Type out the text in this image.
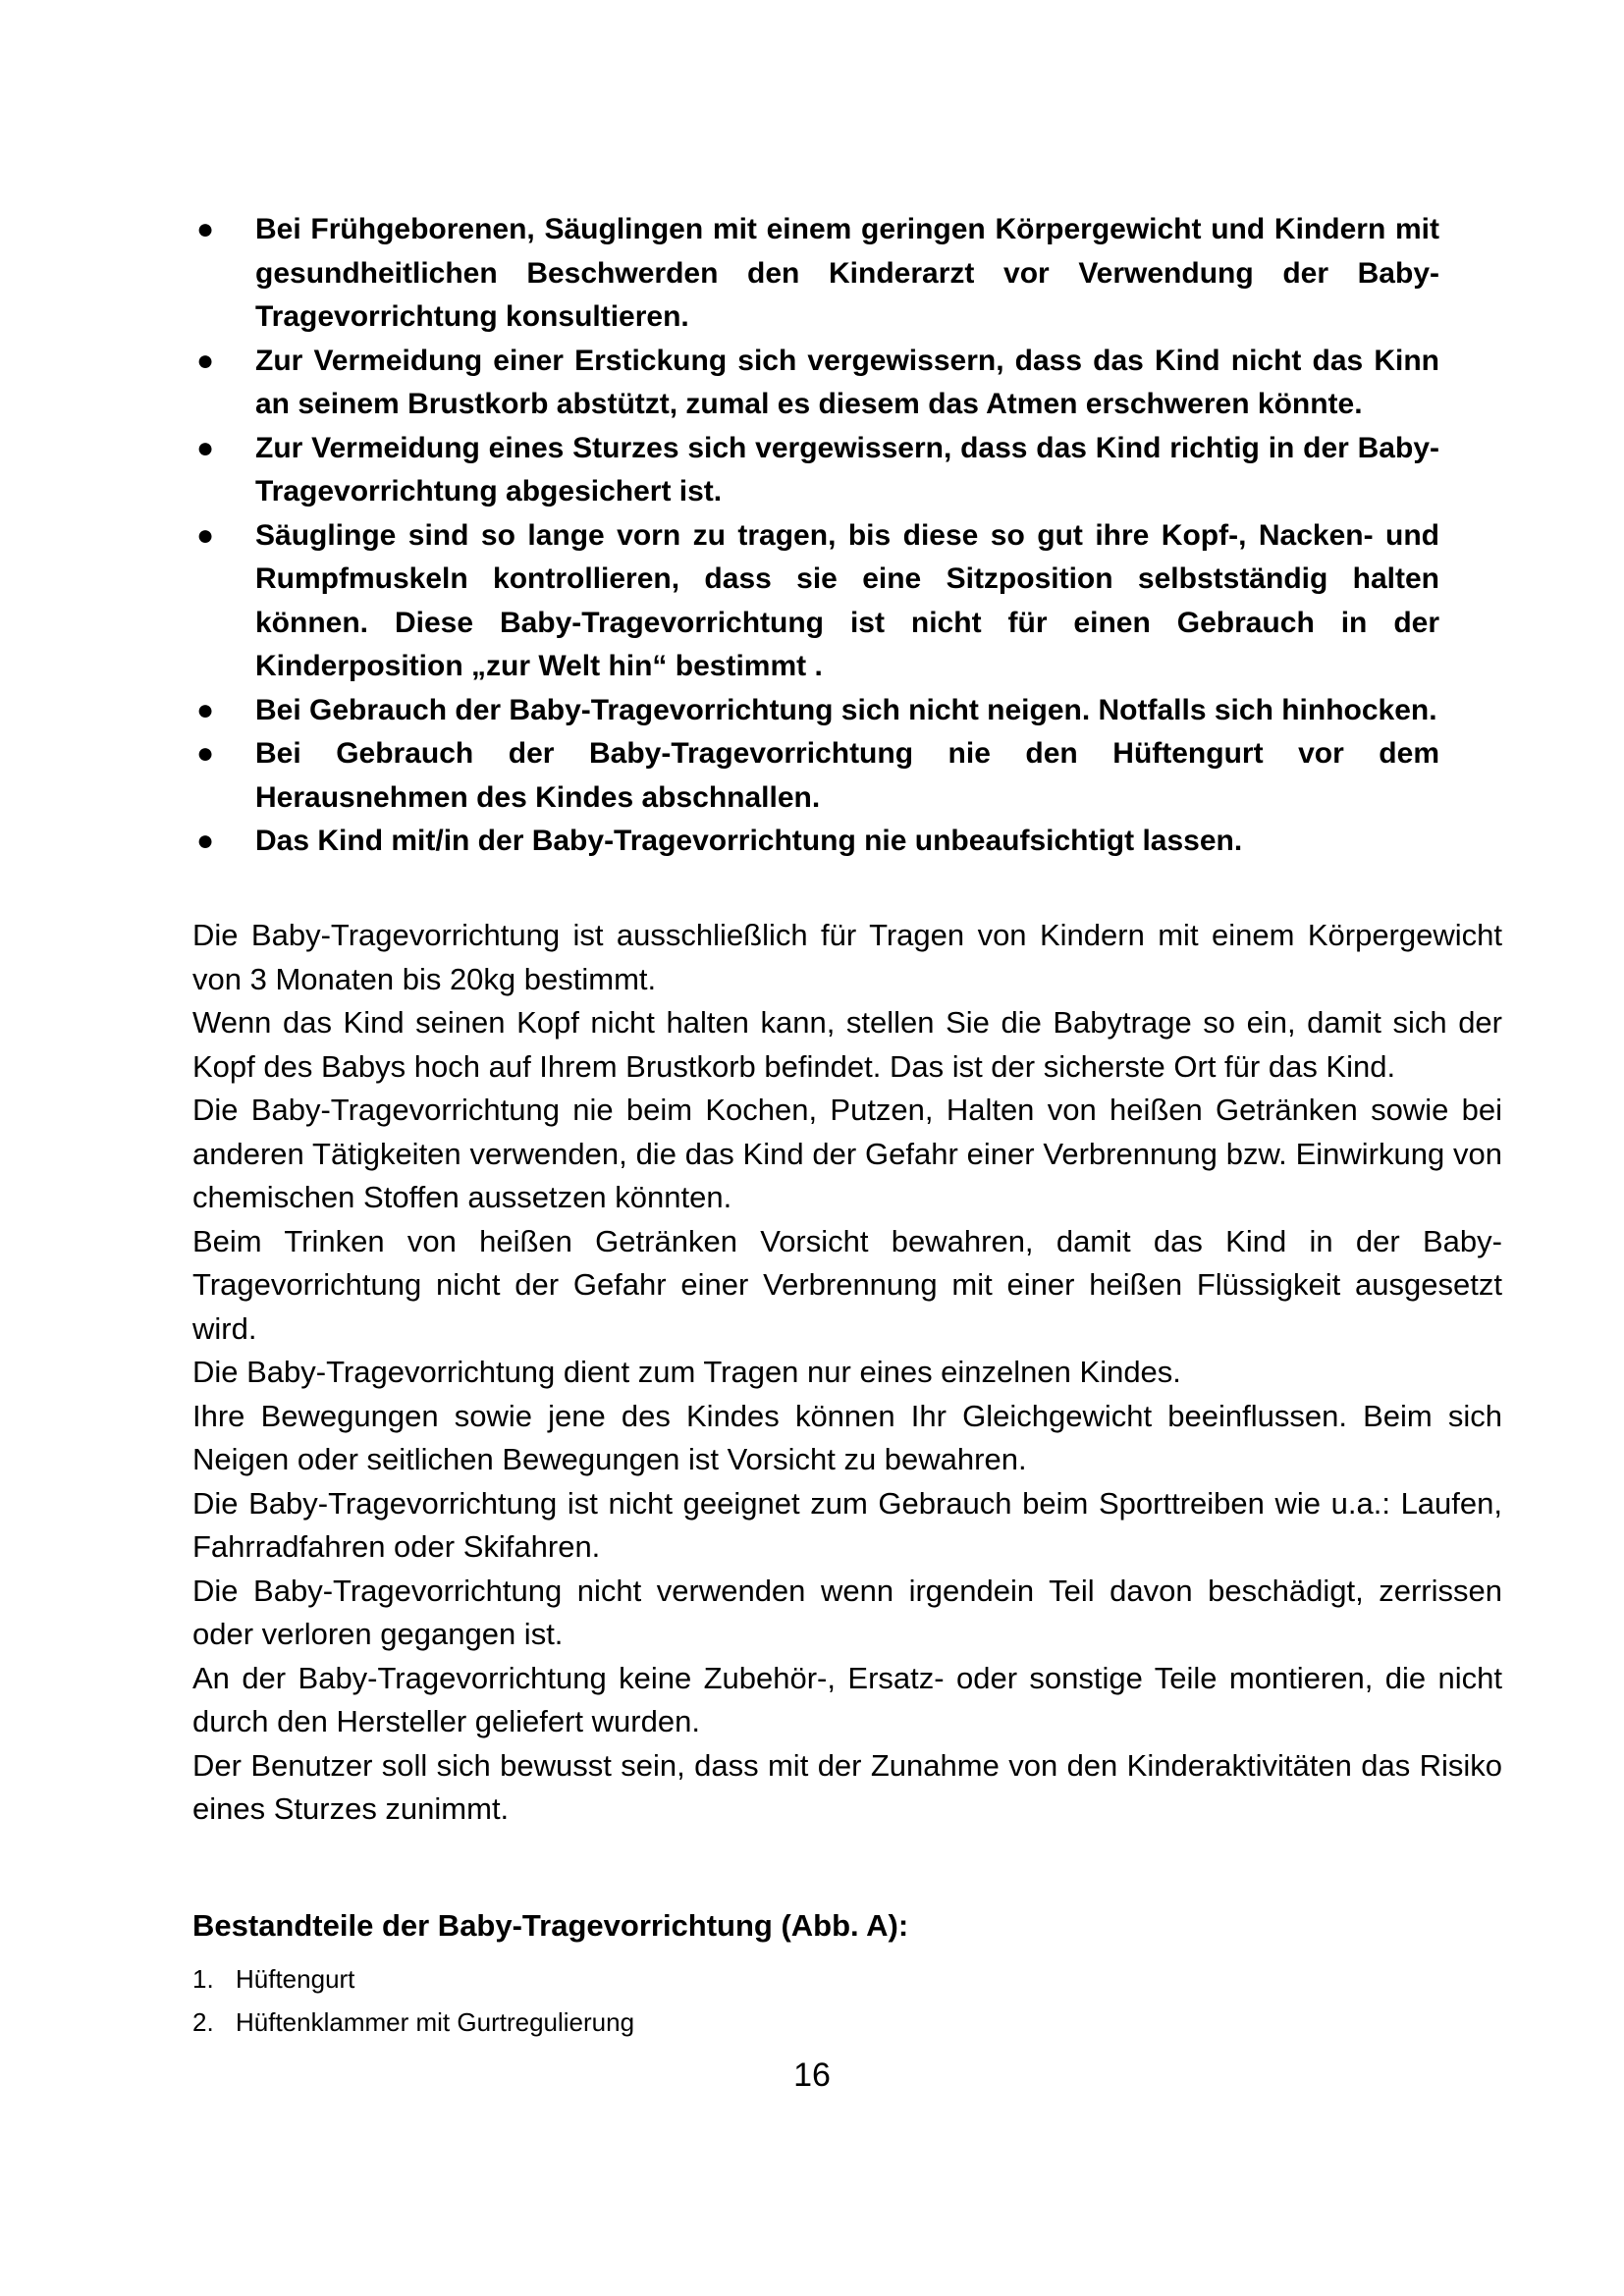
● Bei Frühgeborenen, Säuglingen mit einem geringen Körpergewicht und Kindern mit gesundheitlichen Beschwerden den Kinderarzt vor Verwendung der Baby-Tragevorrichtung konsultieren.
● Zur Vermeidung einer Erstickung sich vergewissern, dass das Kind nicht das Kinn an seinem Brustkorb abstützt, zumal es diesem das Atmen erschweren könnte.
● Zur Vermeidung eines Sturzes sich vergewissern, dass das Kind richtig in der Baby-Tragevorrichtung abgesichert ist.
● Säuglinge sind so lange vorn zu tragen, bis diese so gut ihre Kopf-, Nacken- und Rumpfmuskeln kontrollieren, dass sie eine Sitzposition selbstständig halten können. Diese Baby-Tragevorrichtung ist nicht für einen Gebrauch in der Kinderposition „zur Welt hin“ bestimmt .
● Bei Gebrauch der Baby-Tragevorrichtung sich nicht neigen. Notfalls sich hinhocken.
● Bei Gebrauch der Baby-Tragevorrichtung nie den Hüftengurt vor dem Herausnehmen des Kindes abschnallen.
● Das Kind mit/in der Baby-Tragevorrichtung nie unbeaufsichtigt lassen.

Die Baby-Tragevorrichtung ist ausschließlich für Tragen von Kindern mit einem Körpergewicht von 3 Monaten bis 20kg bestimmt.

Wenn das Kind seinen Kopf nicht halten kann, stellen Sie die Babytrage so ein, damit sich der Kopf des Babys hoch auf Ihrem Brustkorb befindet. Das ist der sicherste Ort für das Kind.

Die Baby-Tragevorrichtung nie beim Kochen, Putzen, Halten von heißen Getränken sowie bei anderen Tätigkeiten verwenden, die das Kind der Gefahr einer Verbrennung bzw. Einwirkung von chemischen Stoffen aussetzen könnten.

Beim Trinken von heißen Getränken Vorsicht bewahren, damit das Kind in der Baby-Tragevorrichtung nicht der Gefahr einer Verbrennung mit einer heißen Flüssigkeit ausgesetzt wird.

Die Baby-Tragevorrichtung dient zum Tragen nur eines einzelnen Kindes.

Ihre Bewegungen sowie jene des Kindes können Ihr Gleichgewicht beeinflussen. Beim sich Neigen oder seitlichen Bewegungen ist Vorsicht zu bewahren.

Die Baby-Tragevorrichtung ist nicht geeignet zum Gebrauch beim Sporttreiben wie u.a.: Laufen, Fahrradfahren oder Skifahren.

Die Baby-Tragevorrichtung nicht verwenden wenn irgendein Teil davon beschädigt, zerrissen oder verloren gegangen ist.

An der Baby-Tragevorrichtung keine Zubehör-, Ersatz- oder sonstige Teile montieren, die nicht durch den Hersteller geliefert wurden.

Der Benutzer soll sich bewusst sein, dass mit der Zunahme von den Kinderaktivitäten das Risiko eines Sturzes zunimmt.

Bestandteile der Baby-Tragevorrichtung (Abb. A):
1. Hüftengurt
2. Hüftenklammer mit Gurtregulierung
16
